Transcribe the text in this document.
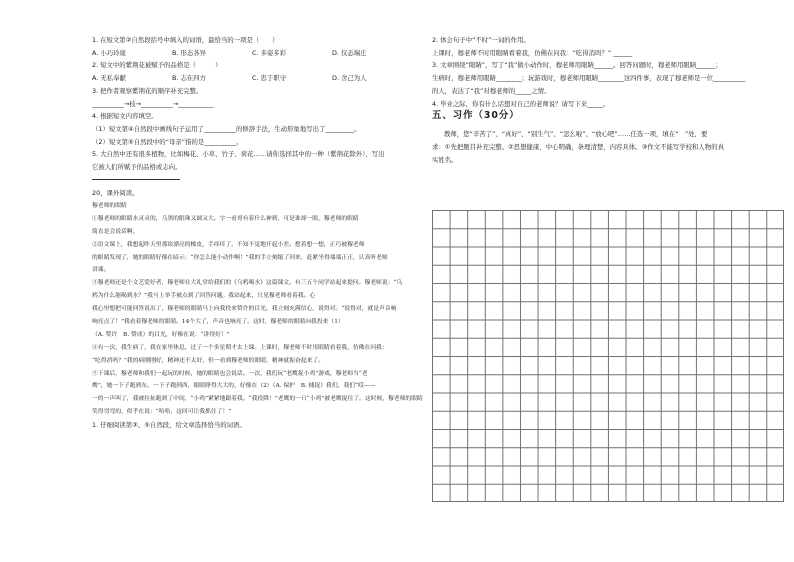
1. 在短文第②自然段括号中填入的词语，最恰当的一项是（　　）
A. 小巧玲珑	B. 形态各异	C. 多姿多彩	D. 仪态端庄
2. 短文中的紫荆花被赋予的品格是（　　　）
A. 无私奉献	B. 志在四方	C. 忠于职守	D. 舍己为人
3. 把作者观察紫荆花的顺序补充完整。
__________→枝→__________→___________
4. 根据短文内容填空。
（1）短文第④自然段中画线句子运用了__________的修辞手法，生动形象地写出了_________。
（2）短文第⑤自然段中的“母亲”指的是__________。
5. 大自然中还有很多植物，比如梅花、小草、竹子、荷花……请你选择其中的一种（紫荆花除外），写出
它被人们所赋予的品格或志向。
20、课外阅读。
穆老师的眼睛
①穆老师的眼睛水灵灵的，乌黑的眼珠又圆又大。字一看哥有着什么神到，可是谁却一眼，穆老师的眼睛
简直是会说话啊。
②语文课上，我想起昨天里那块漂亮的橡皮，手痒痒了，不知不觉地开起小差。想着想一想，正巧被穆老师
的眼睛发现了，她的眼睛好像在暗示：“你怎么能小动作啊！”我的手立刻缩了回来，赶紧坐得端端正正，认真听老师
讲课。
③穆老师还是个文艺爱好者，穆老师在大礼堂给我们的《乌鸦喝水》这篇课文。有三五个同学站起来提问。穆老师说：“乌
鸦为什么能喝到水？”我马上举手被点到了回答问题。我站起来，只见穆老师看着我。心
我心里想把可能回答说出了，穆老师的眼睛马上向我投来赞许的目光。我立刻充满信心，说得对。“说得对，就是声音响
响亮点了！”我看着穆老师的眼睛。14个大了，声音也响亮了。这时，穆老师的眼睛向我投来（1）
（A. 赞许　B. 赞成）的目光，好像在说：“讲得好！”
④有一次，我生病了，我在家里休息，过了一个多星期才去上课。上课时，穆老师不时用眼睛看着我，仿佛在问我：
“吃得消吗？”我的病刚刚好，精神还不太好，但一看到穆老师的眼睛，精神就振奋起来了。
⑤下课后，穆老师和我们一起玩的时候，她的眼睛也会说话。一次，我们玩“老鹰捉小鸡”游戏，穆老师当“老
鹰”，她一下子跑到东，一下子跑到西，眼睛睁得大大的，好像在（2）（A. 保护　B. 捕捉）我们，我们“哎——
一的一声叫了，我被拉扯跑到了中间，“小鸡”紧紧地跟着我。“我投降！”老鹰的一只“小鸡”被老鹰捉住了。这时候，穆老师的眼睛
笑得弯弯的，似乎在说：“哈哈，这回可让我抓住了！”
1. 仔细阅读第③、⑤自然段，给文章选择恰当的词语。
2. 体会句子中“不时”一词的作用。
上课时，穆老师不时用眼睛看着我，仿佛在问我：“吃得消吗？” ______
3. 文章围绕“眼睛”，写了“我”做小动作时，穆老师用眼睛______。回答问题时，穆老师用眼睛______；
生病时，穆老师用眼睛________；玩游戏时，穆老师用眼睛________这四件事，表现了穆老师是一位__________
的人，表达了“我”对穆老师的_____之情。
4. 毕业之际，你有什么话想对自己的老师说？请写下来_____。
五、习作（30分）
教师，您“辛苦了”、“真好”、“别生气”、“怎么啦”、“放心吧”……任选一项，填在“　”处，要
求：①先把题目补充完整。②思想健康，中心明确，条理清楚，内容具体。③作文不能写学校和人物的真
实姓名。
